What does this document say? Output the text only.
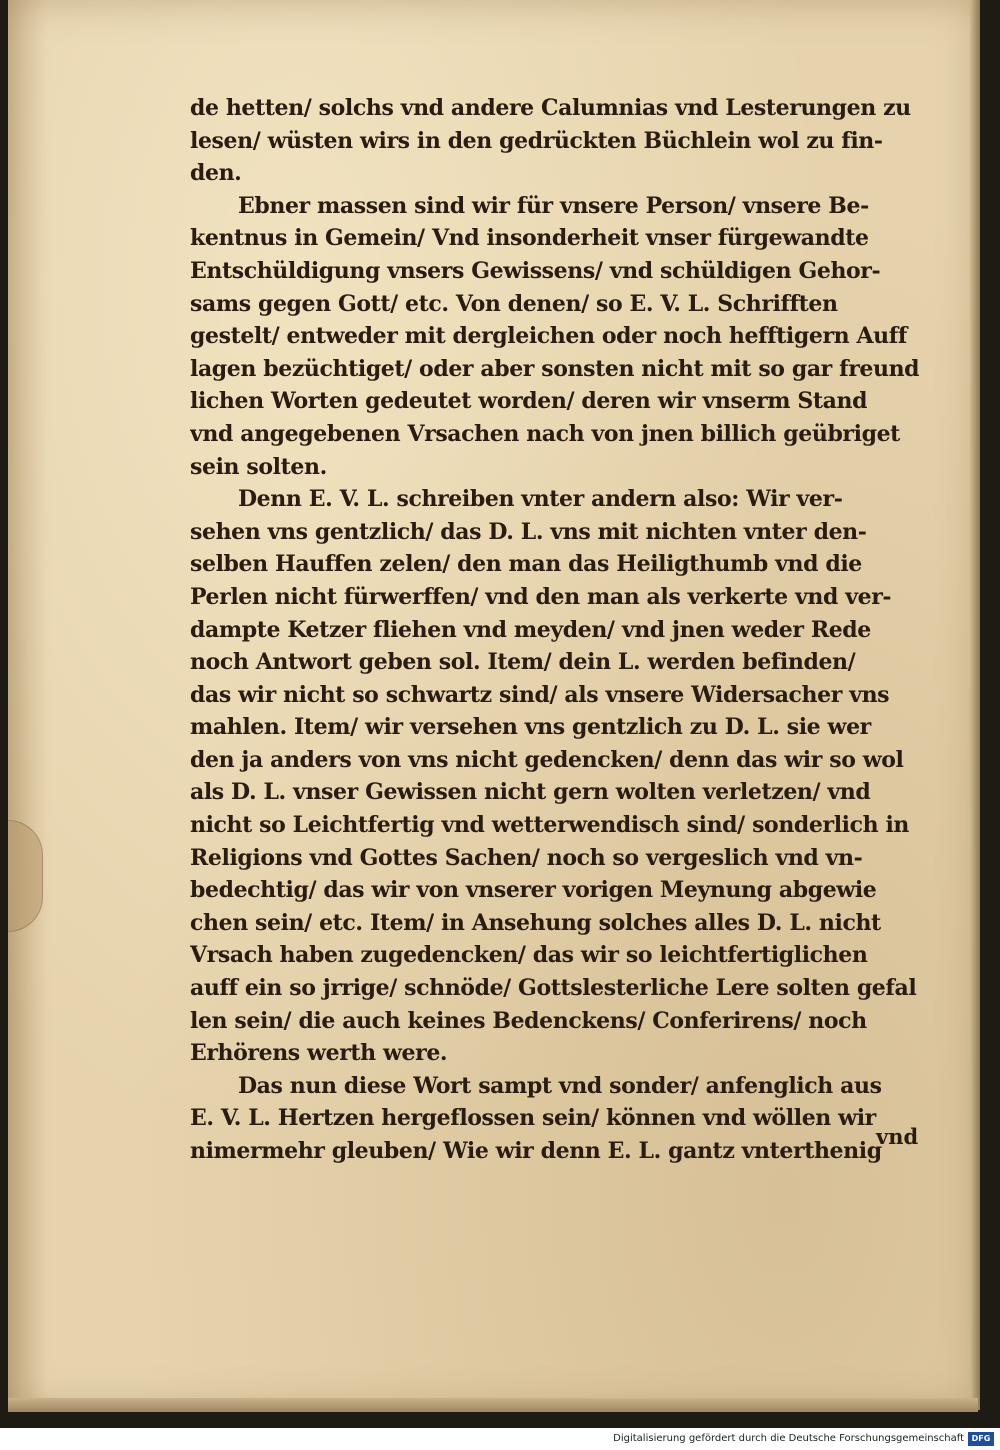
de hetten/ solchs vnd andere Calumnias vnd Lesterungen zu
lesen/ wüsten wirs in den gedrückten Büchlein wol zu fin-
den.
Ebner massen sind wir für vnsere Person/ vnsere Be-
kentnus in Gemein/ Vnd insonderheit vnser fürgewandte
Entschüldigung vnsers Gewissens/ vnd schüldigen Gehor-
sams gegen Gott/ etc. Von denen/ so E. V. L. Schrifften
gestelt/ entweder mit dergleichen oder noch hefftigern Auff
lagen bezüchtiget/ oder aber sonsten nicht mit so gar freund
lichen Worten gedeutet worden/ deren wir vnserm Stand
vnd angegebenen Vrsachen nach von jnen billich geübriget
sein solten.
Denn E. V. L. schreiben vnter andern also: Wir ver-
sehen vns gentzlich/ das D. L. vns mit nichten vnter den-
selben Hauffen zelen/ den man das Heiligthumb vnd die
Perlen nicht fürwerffen/ vnd den man als verkerte vnd ver-
dampte Ketzer fliehen vnd meyden/ vnd jnen weder Rede
noch Antwort geben sol. Item/ dein L. werden befinden/
das wir nicht so schwartz sind/ als vnsere Widersacher vns
mahlen. Item/ wir versehen vns gentzlich zu D. L. sie wer
den ja anders von vns nicht gedencken/ denn das wir so wol
als D. L. vnser Gewissen nicht gern wolten verletzen/ vnd
nicht so Leichtfertig vnd wetterwendisch sind/ sonderlich in
Religions vnd Gottes Sachen/ noch so vergeslich vnd vn-
bedechtig/ das wir von vnserer vorigen Meynung abgewie
chen sein/ etc. Item/ in Ansehung solches alles D. L. nicht
Vrsach haben zugedencken/ das wir so leichtfertiglichen
auff ein so jrrige/ schnöde/ Gottslesterliche Lere solten gefal
len sein/ die auch keines Bedenckens/ Conferirens/ noch
Erhörens werth were.
Das nun diese Wort sampt vnd sonder/ anfenglich aus
E. V. L. Hertzen hergeflossen sein/ können vnd wöllen wir
nimermehr gleuben/ Wie wir denn E. L. gantz vnterthenig
vnd
Digitalisierung gefördert durch die Deutsche Forschungsgemeinschaft DFG
